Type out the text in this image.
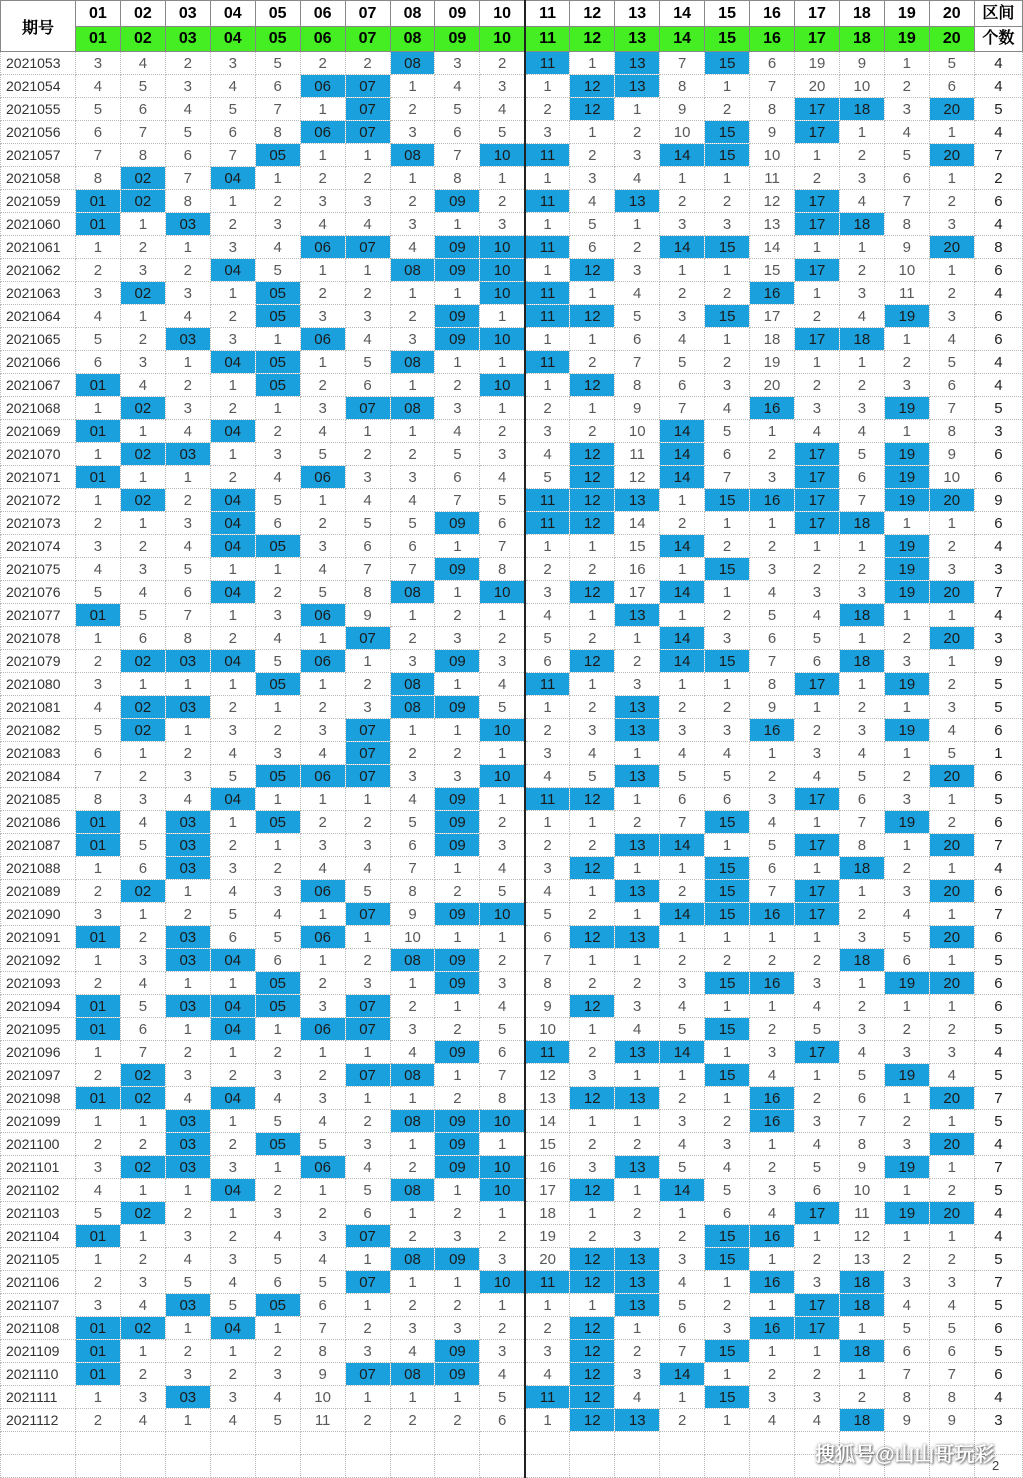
期号	01	02	03	04	05	06	07	08	09	10	11	12	13	14	15	16	17	18	19	20	区间
	01	02	03	04	05	06	07	08	09	10	11	12	13	14	15	16	17	18	19	20	个数
2021053	3	4	2	3	5	2	2	08	3	2	11	1	13	7	15	6	19	9	1	5	4
2021054	4	5	3	4	6	06	07	1	4	3	1	12	13	8	1	7	20	10	2	6	4
2021055	5	6	4	5	7	1	07	2	5	4	2	12	1	9	2	8	17	18	3	20	5
2021056	6	7	5	6	8	06	07	3	6	5	3	1	2	10	15	9	17	1	4	1	4
2021057	7	8	6	7	05	1	1	08	7	10	11	2	3	14	15	10	1	2	5	20	7
2021058	8	02	7	04	1	2	2	1	8	1	1	3	4	1	1	11	2	3	6	1	2
2021059	01	02	8	1	2	3	3	2	09	2	11	4	13	2	2	12	17	4	7	2	6
2021060	01	1	03	2	3	4	4	3	1	3	1	5	1	3	3	13	17	18	8	3	4
2021061	1	2	1	3	4	06	07	4	09	10	11	6	2	14	15	14	1	1	9	20	8
2021062	2	3	2	04	5	1	1	08	09	10	1	12	3	1	1	15	17	2	10	1	6
2021063	3	02	3	1	05	2	2	1	1	10	11	1	4	2	2	16	1	3	11	2	4
2021064	4	1	4	2	05	3	3	2	09	1	11	12	5	3	15	17	2	4	19	3	6
2021065	5	2	03	3	1	06	4	3	09	10	1	1	6	4	1	18	17	18	1	4	6
2021066	6	3	1	04	05	1	5	08	1	1	11	2	7	5	2	19	1	1	2	5	4
2021067	01	4	2	1	05	2	6	1	2	10	1	12	8	6	3	20	2	2	3	6	4
2021068	1	02	3	2	1	3	07	08	3	1	2	1	9	7	4	16	3	3	19	7	5
2021069	01	1	4	04	2	4	1	1	4	2	3	2	10	14	5	1	4	4	1	8	3
2021070	1	02	03	1	3	5	2	2	5	3	4	12	11	14	6	2	17	5	19	9	6
2021071	01	1	1	2	4	06	3	3	6	4	5	12	12	14	7	3	17	6	19	10	6
2021072	1	02	2	04	5	1	4	4	7	5	11	12	13	1	15	16	17	7	19	20	9
2021073	2	1	3	04	6	2	5	5	09	6	11	12	14	2	1	1	17	18	1	1	6
2021074	3	2	4	04	05	3	6	6	1	7	1	1	15	14	2	2	1	1	19	2	4
2021075	4	3	5	1	1	4	7	7	09	8	2	2	16	1	15	3	2	2	19	3	3
2021076	5	4	6	04	2	5	8	08	1	10	3	12	17	14	1	4	3	3	19	20	7
2021077	01	5	7	1	3	06	9	1	2	1	4	1	13	1	2	5	4	18	1	1	4
2021078	1	6	8	2	4	1	07	2	3	2	5	2	1	14	3	6	5	1	2	20	3
2021079	2	02	03	04	5	06	1	3	09	3	6	12	2	14	15	7	6	18	3	1	9
2021080	3	1	1	1	05	1	2	08	1	4	11	1	3	1	1	8	17	1	19	2	5
2021081	4	02	03	2	1	2	3	08	09	5	1	2	13	2	2	9	1	2	1	3	5
2021082	5	02	1	3	2	3	07	1	1	10	2	3	13	3	3	16	2	3	19	4	6
2021083	6	1	2	4	3	4	07	2	2	1	3	4	1	4	4	1	3	4	1	5	1
2021084	7	2	3	5	05	06	07	3	3	10	4	5	13	5	5	2	4	5	2	20	6
2021085	8	3	4	04	1	1	1	4	09	1	11	12	1	6	6	3	17	6	3	1	5
2021086	01	4	03	1	05	2	2	5	09	2	1	1	2	7	15	4	1	7	19	2	6
2021087	01	5	03	2	1	3	3	6	09	3	2	2	13	14	1	5	17	8	1	20	7
2021088	1	6	03	3	2	4	4	7	1	4	3	12	1	1	15	6	1	18	2	1	4
2021089	2	02	1	4	3	06	5	8	2	5	4	1	13	2	15	7	17	1	3	20	6
2021090	3	1	2	5	4	1	07	9	09	10	5	2	1	14	15	16	17	2	4	1	7
2021091	01	2	03	6	5	06	1	10	1	1	6	12	13	1	1	1	1	3	5	20	6
2021092	1	3	03	04	6	1	2	08	09	2	7	1	1	2	2	2	2	18	6	1	5
2021093	2	4	1	1	05	2	3	1	09	3	8	2	2	3	15	16	3	1	19	20	6
2021094	01	5	03	04	05	3	07	2	1	4	9	12	3	4	1	1	4	2	1	1	6
2021095	01	6	1	04	1	06	07	3	2	5	10	1	4	5	15	2	5	3	2	2	5
2021096	1	7	2	1	2	1	1	4	09	6	11	2	13	14	1	3	17	4	3	3	4
2021097	2	02	3	2	3	2	07	08	1	7	12	3	1	1	15	4	1	5	19	4	5
2021098	01	02	4	04	4	3	1	1	2	8	13	12	13	2	1	16	2	6	1	20	7
2021099	1	1	03	1	5	4	2	08	09	10	14	1	1	3	2	16	3	7	2	1	5
2021100	2	2	03	2	05	5	3	1	09	1	15	2	2	4	3	1	4	8	3	20	4
2021101	3	02	03	3	1	06	4	2	09	10	16	3	13	5	4	2	5	9	19	1	7
2021102	4	1	1	04	2	1	5	08	1	10	17	12	1	14	5	3	6	10	1	2	5
2021103	5	02	2	1	3	2	6	1	2	1	18	1	2	1	6	4	17	11	19	20	4
2021104	01	1	3	2	4	3	07	2	3	2	19	2	3	2	15	16	1	12	1	1	4
2021105	1	2	4	3	5	4	1	08	09	3	20	12	13	3	15	1	2	13	2	2	5
2021106	2	3	5	4	6	5	07	1	1	10	11	12	13	4	1	16	3	18	3	3	7
2021107	3	4	03	5	05	6	1	2	2	1	1	1	13	5	2	1	17	18	4	4	5
2021108	01	02	1	04	1	7	2	3	3	2	2	12	1	6	3	16	17	1	5	5	6
2021109	01	1	2	1	2	8	3	4	09	3	3	12	2	7	15	1	1	18	6	6	5
2021110	01	2	3	2	3	9	07	08	09	4	4	12	3	14	1	2	2	1	7	7	6
2021111	1	3	03	3	4	10	1	1	1	5	11	12	4	1	15	3	3	2	8	8	4
2021112	2	4	1	4	5	11	2	2	2	6	1	12	13	2	1	4	4	18	9	9	3

搜狐号@山山哥玩彩
2
